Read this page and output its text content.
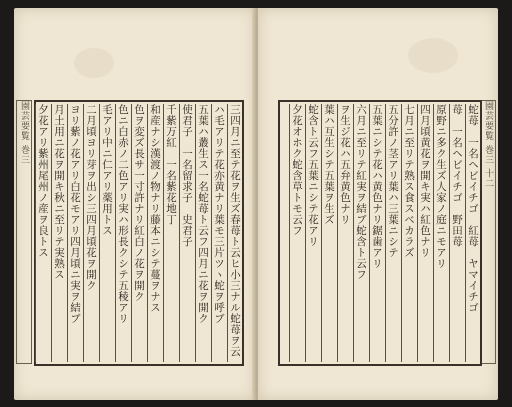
園芸要覧 巻三	三四月ニ至テ花ヲ生ズ春苺ト云ヒ小三ナル蛇苺ヲ云
ハ毛アリテ花亦黄ナリ葉モ三片ツヽ蛇ヲ呼ブ
五葉ハ叢生ス一名蛇苺ト云フ四月ニ花ヲ開ク
使君子　一名留求子　史君子
千紫万紅　一名紫花地丁
和産ナシ漢渡ノ物ナリ藤本ニシテ蔓ヲナス
色ヲ変ズ長サ一寸許ナリ紅白ノ花ヲ開ク
色ニ白赤ノ二色アリ実ハ形長クシテ五稜アリ
毛アリ中ニ仁アリ薬用トス
二月頃ヨリ芽ヲ出シ三四月頃花ヲ開ク
ヨリ紫ノ花アリ白花モアリ四月頃ニ実ヲ結ブ
月土用ニ花ヲ開キ秋ニ至リテ実熟ス
夕花アリ紫州尾州ノ産ヲ良トス	園芸要覧 巻三 十二
蛇苺　一名ヘビイチゴ　紅苺　ヤマイチゴ
苺　一名ヘビイチゴ　野田苺
原野ニ多ク生ズ人家ノ庭ニモアリ
四月頃黄花ヲ開キ実ハ紅色ナリ
七月ニ至リテ熟ス食スベカラズ
五分許ノ茎アリ葉ハ三葉ニシテ
五葉ニシテ花ハ黄色ナリ鋸歯アリ
六月ニ至リテ紅実ヲ結ブ蛇含ト云フ
ヲ生ジ花ハ五弁黄色ナリ
葉ハ互生シテ五葉ヲ生ズ
蛇含ト云フ五葉ニシテ花アリ
夕花オホク蛇含草トモ云フ
